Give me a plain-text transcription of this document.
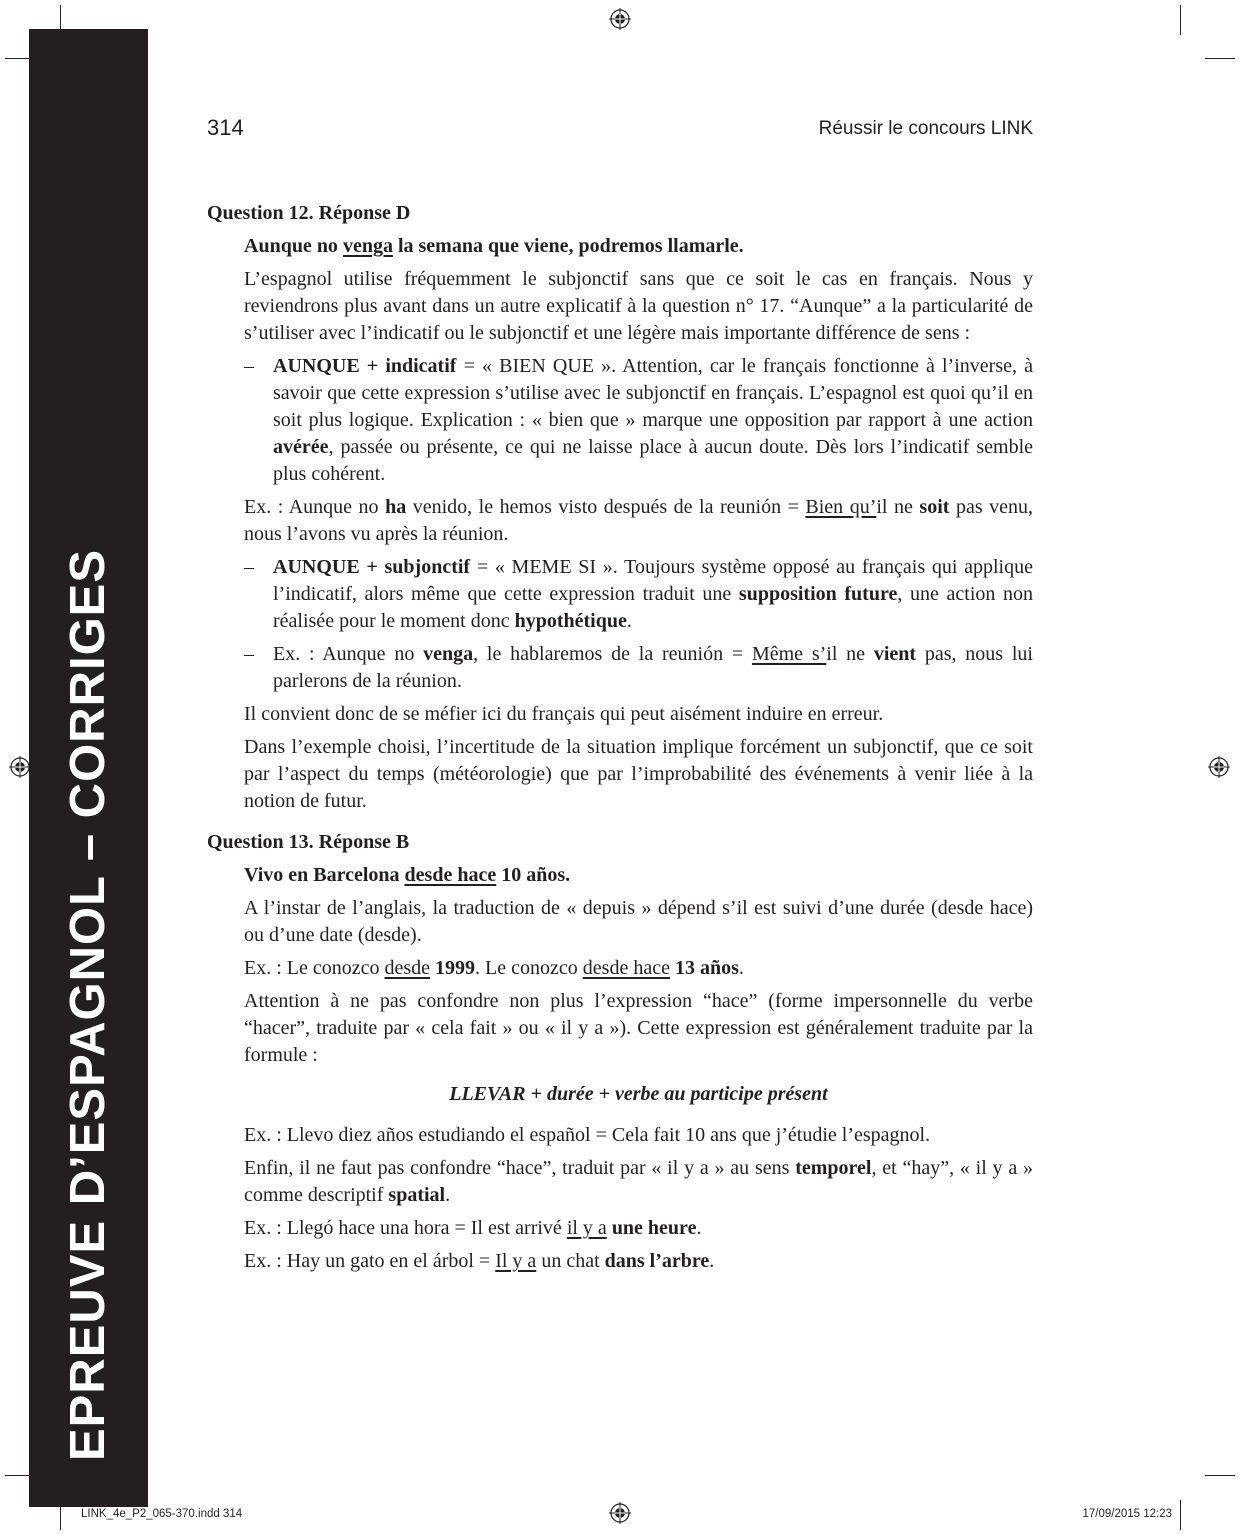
EPREUVE D’ESPAGNOL – CORRIGES
314	Réussir le concours LINK
Question 12. Réponse D
Aunque no venga la semana que viene, podremos llamarle.
L’espagnol utilise fréquemment le subjonctif sans que ce soit le cas en français. Nous y reviendrons plus avant dans un autre explicatif à la question n° 17. “Aunque” a la particularité de s’utiliser avec l’indicatif ou le subjonctif et une légère mais importante différence de sens :
– AUNQUE + indicatif = « BIEN QUE ». Attention, car le français fonctionne à l’inverse, à savoir que cette expression s’utilise avec le subjonctif en français. L’espagnol est quoi qu’il en soit plus logique. Explication : « bien que » marque une opposition par rapport à une action avérée, passée ou présente, ce qui ne laisse place à aucun doute. Dès lors l’indicatif semble plus cohérent.
Ex. : Aunque no ha venido, le hemos visto después de la reunión = Bien qu’il ne soit pas venu, nous l’avons vu après la réunion.
– AUNQUE + subjonctif = « MEME SI ». Toujours système opposé au français qui applique l’indicatif, alors même que cette expression traduit une supposition future, une action non réalisée pour le moment donc hypothétique.
– Ex. : Aunque no venga, le hablaremos de la reunión = Même s’il ne vient pas, nous lui parlerons de la réunion.
Il convient donc de se méfier ici du français qui peut aisément induire en erreur.
Dans l’exemple choisi, l’incertitude de la situation implique forcément un subjonctif, que ce soit par l’aspect du temps (météorologie) que par l’improbabilité des événements à venir liée à la notion de futur.
Question 13. Réponse B
Vivo en Barcelona desde hace 10 años.
A l’instar de l’anglais, la traduction de « depuis » dépend s’il est suivi d’une durée (desde hace) ou d’une date (desde).
Ex. : Le conozco desde 1999. Le conozco desde hace 13 años.
Attention à ne pas confondre non plus l’expression “hace” (forme impersonnelle du verbe “hacer”, traduite par « cela fait » ou « il y a »). Cette expression est généralement traduite par la formule :
LLEVAR + durée + verbe au participe présent
Ex. : Llevo diez años estudiando el español = Cela fait 10 ans que j’étudie l’espagnol.
Enfin, il ne faut pas confondre “hace”, traduit par « il y a » au sens temporel, et “hay”, « il y a » comme descriptif spatial.
Ex. : Llegó hace una hora = Il est arrivé il y a une heure.
Ex. : Hay un gato en el árbol = Il y a un chat dans l’arbre.
LINK_4e_P2_065-370.indd 314	17/09/2015 12:23
